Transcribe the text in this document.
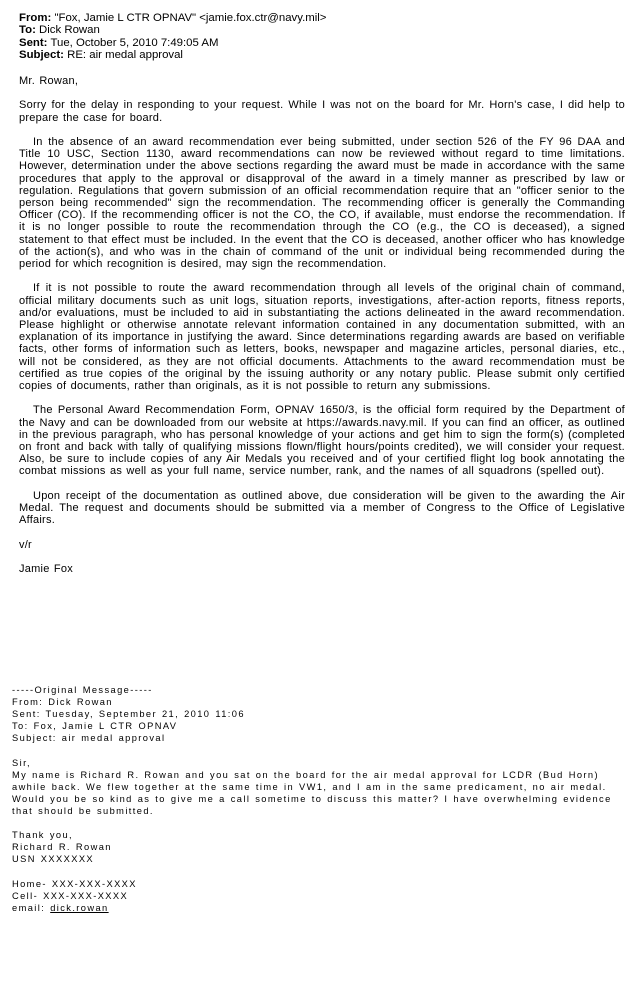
From: "Fox, Jamie L CTR OPNAV" <jamie.fox.ctr@navy.mil>
To: Dick Rowan
Sent: Tue, October 5, 2010 7:49:05 AM
Subject: RE: air medal approval

Mr. Rowan,

Sorry for the delay in responding to your request. While I was not on the board for Mr. Horn's case, I did help to prepare the case for board.

In the absence of an award recommendation ever being submitted, under section 526 of the FY 96 DAA and Title 10 USC, Section 1130, award recommendations can now be reviewed without regard to time limitations. However, determination under the above sections regarding the award must be made in accordance with the same procedures that apply to the approval or disapproval of the award in a timely manner as prescribed by law or regulation. Regulations that govern submission of an official recommendation require that an "officer senior to the person being recommended" sign the recommendation. The recommending officer is generally the Commanding Officer (CO). If the recommending officer is not the CO, the CO, if available, must endorse the recommendation. If it is no longer possible to route the recommendation through the CO (e.g., the CO is deceased), a signed statement to that effect must be included. In the event that the CO is deceased, another officer who has knowledge of the action(s), and who was in the chain of command of the unit or individual being recommended during the period for which recognition is desired, may sign the recommendation.

If it is not possible to route the award recommendation through all levels of the original chain of command, official military documents such as unit logs, situation reports, investigations, after-action reports, fitness reports, and/or evaluations, must be included to aid in substantiating the actions delineated in the award recommendation. Please highlight or otherwise annotate relevant information contained in any documentation submitted, with an explanation of its importance in justifying the award. Since determinations regarding awards are based on verifiable facts, other forms of information such as letters, books, newspaper and magazine articles, personal diaries, etc., will not be considered, as they are not official documents. Attachments to the award recommendation must be certified as true copies of the original by the issuing authority or any notary public. Please submit only certified copies of documents, rather than originals, as it is not possible to return any submissions.

The Personal Award Recommendation Form, OPNAV 1650/3, is the official form required by the Department of the Navy and can be downloaded from our website at https://awards.navy.mil. If you can find an officer, as outlined in the previous paragraph, who has personal knowledge of your actions and get him to sign the form(s) (completed on front and back with tally of qualifying missions flown/flight hours/points credited), we will consider your request. Also, be sure to include copies of any Air Medals you received and of your certified flight log book annotating the combat missions as well as your full name, service number, rank, and the names of all squadrons (spelled out).

Upon receipt of the documentation as outlined above, due consideration will be given to the awarding the Air Medal. The request and documents should be submitted via a member of Congress to the Office of Legislative Affairs.

v/r

Jamie Fox

-----Original Message-----

From: Dick Rowan

Sent: Tuesday, September 21, 2010 11:06

To: Fox, Jamie L CTR OPNAV

Subject: air medal approval

Sir,

My name is Richard R. Rowan and you sat on the board for the air medal approval for LCDR (Bud Horn) awhile back. We flew together at the same time in VW1, and I am in the same predicament, no air medal. Would you be so kind as to give me a call sometime to discuss this matter? I have overwhelming evidence that should be submitted.

Thank you,

Richard R. Rowan

USN XXXXXXX

Home- XXX-XXX-XXXX

Cell- XXX-XXX-XXXX

email: dick.rowan
